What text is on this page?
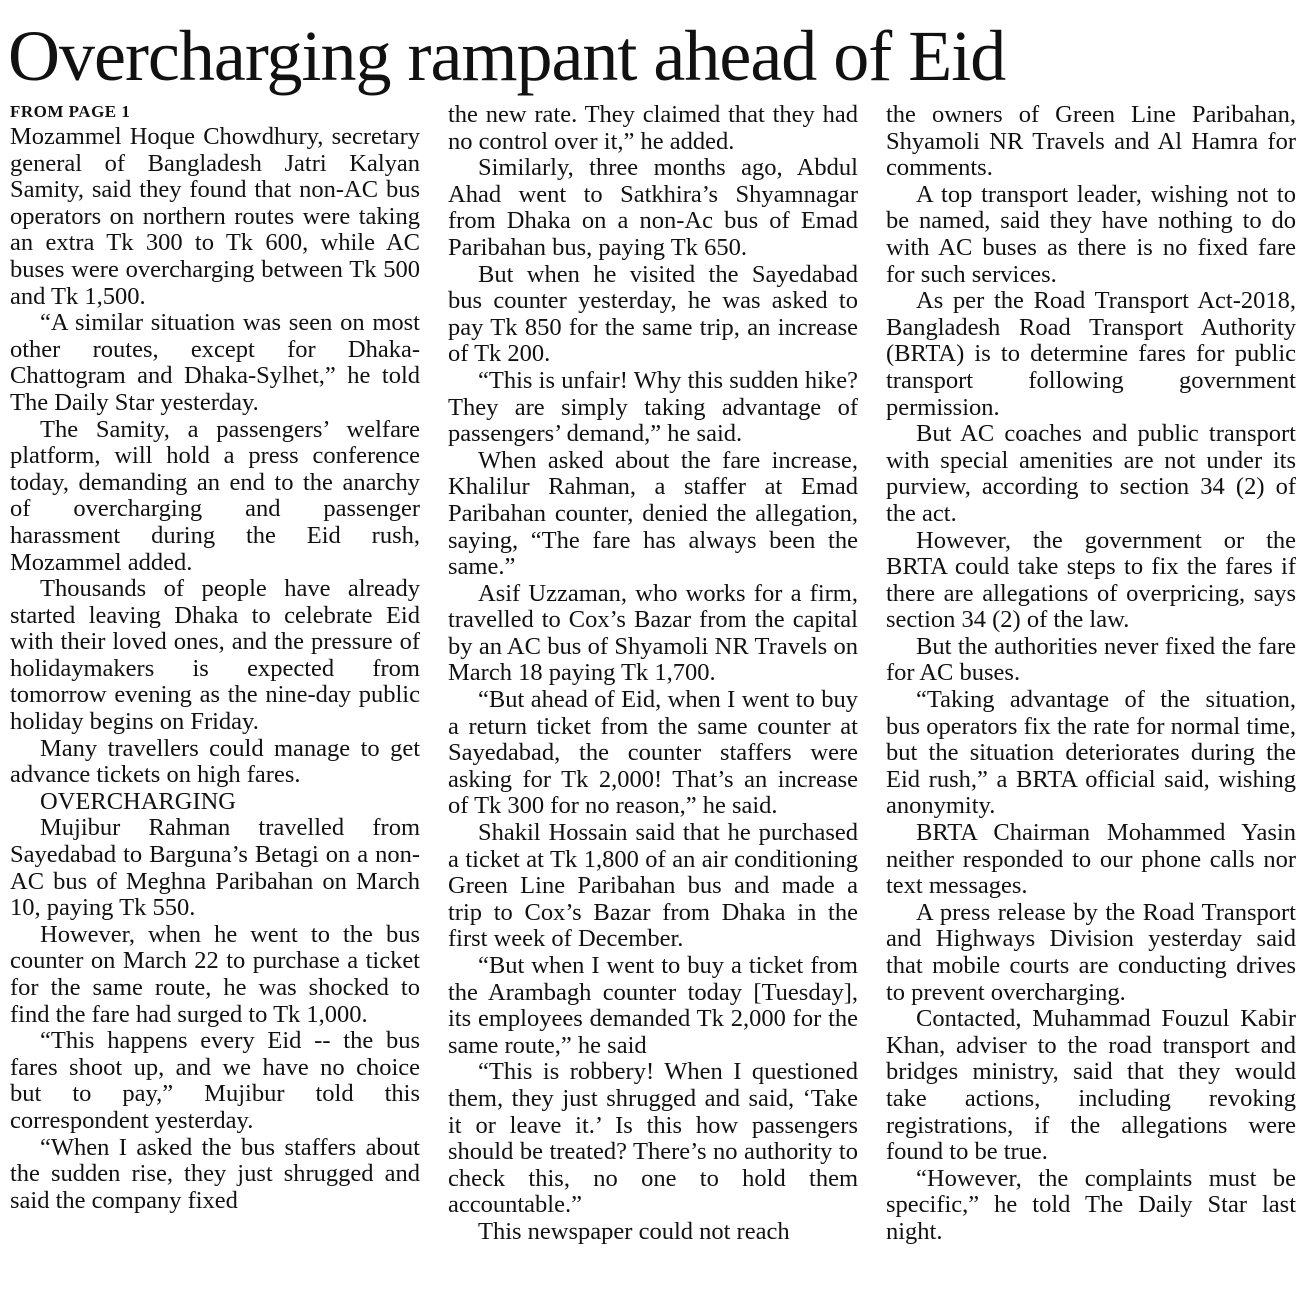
Overcharging rampant ahead of Eid
FROM PAGE 1

Mozammel Hoque Chowdhury, secretary general of Bangladesh Jatri Kalyan Samity, said they found that non-AC bus operators on northern routes were taking an extra Tk 300 to Tk 600, while AC buses were overcharging between Tk 500 and Tk 1,500.

“A similar situation was seen on most other routes, except for Dhaka-Chattogram and Dhaka-Sylhet,” he told The Daily Star yesterday.

The Samity, a passengers’ welfare platform, will hold a press conference today, demanding an end to the anarchy of overcharging and passenger harassment during the Eid rush, Mozammel added.

Thousands of people have already started leaving Dhaka to celebrate Eid with their loved ones, and the pressure of holidaymakers is expected from tomorrow evening as the nine-day public holiday begins on Friday.

Many travellers could manage to get advance tickets on high fares.

OVERCHARGING

Mujibur Rahman travelled from Sayedabad to Barguna’s Betagi on a non-AC bus of Meghna Paribahan on March 10, paying Tk 550.

However, when he went to the bus counter on March 22 to purchase a ticket for the same route, he was shocked to find the fare had surged to Tk 1,000.

“This happens every Eid -- the bus fares shoot up, and we have no choice but to pay,” Mujibur told this correspondent yesterday.

“When I asked the bus staffers about the sudden rise, they just shrugged and said the company fixed

the new rate. They claimed that they had no control over it,” he added.

Similarly, three months ago, Abdul Ahad went to Satkhira’s Shyamnagar from Dhaka on a non-Ac bus of Emad Paribahan bus, paying Tk 650.

But when he visited the Sayedabad bus counter yesterday, he was asked to pay Tk 850 for the same trip, an increase of Tk 200.

“This is unfair! Why this sudden hike? They are simply taking advantage of passengers’ demand,” he said.

When asked about the fare increase, Khalilur Rahman, a staffer at Emad Paribahan counter, denied the allegation, saying, “The fare has always been the same.”

Asif Uzzaman, who works for a firm, travelled to Cox’s Bazar from the capital by an AC bus of Shyamoli NR Travels on March 18 paying Tk 1,700.

“But ahead of Eid, when I went to buy a return ticket from the same counter at Sayedabad, the counter staffers were asking for Tk 2,000! That’s an increase of Tk 300 for no reason,” he said.

Shakil Hossain said that he purchased a ticket at Tk 1,800 of an air conditioning Green Line Paribahan bus and made a trip to Cox’s Bazar from Dhaka in the first week of December.

“But when I went to buy a ticket from the Arambagh counter today [Tuesday], its employees demanded Tk 2,000 for the same route,” he said

“This is robbery! When I questioned them, they just shrugged and said, ‘Take it or leave it.’ Is this how passengers should be treated? There’s no authority to check this, no one to hold them accountable.”

This newspaper could not reach

the owners of Green Line Paribahan, Shyamoli NR Travels and Al Hamra for comments.

A top transport leader, wishing not to be named, said they have nothing to do with AC buses as there is no fixed fare for such services.

As per the Road Transport Act-2018, Bangladesh Road Transport Authority (BRTA) is to determine fares for public transport following government permission.

But AC coaches and public transport with special amenities are not under its purview, according to section 34 (2) of the act.

However, the government or the BRTA could take steps to fix the fares if there are allegations of overpricing, says section 34 (2) of the law.

But the authorities never fixed the fare for AC buses.

“Taking advantage of the situation, bus operators fix the rate for normal time, but the situation deteriorates during the Eid rush,” a BRTA official said, wishing anonymity.

BRTA Chairman Mohammed Yasin neither responded to our phone calls nor text messages.

A press release by the Road Transport and Highways Division yesterday said that mobile courts are conducting drives to prevent overcharging.

Contacted, Muhammad Fouzul Kabir Khan, adviser to the road transport and bridges ministry, said that they would take actions, including revoking registrations, if the allegations were found to be true.

“However, the complaints must be specific,” he told The Daily Star last night.
